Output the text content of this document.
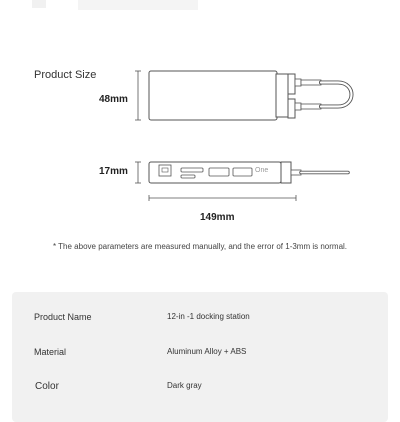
Product Size
One
48mm
17mm
149mm
* The above parameters are measured manually, and the error of 1-3mm is normal.
Product Name	12-in -1 docking station
Material	Aluminum Alloy + ABS
Color	Dark gray
